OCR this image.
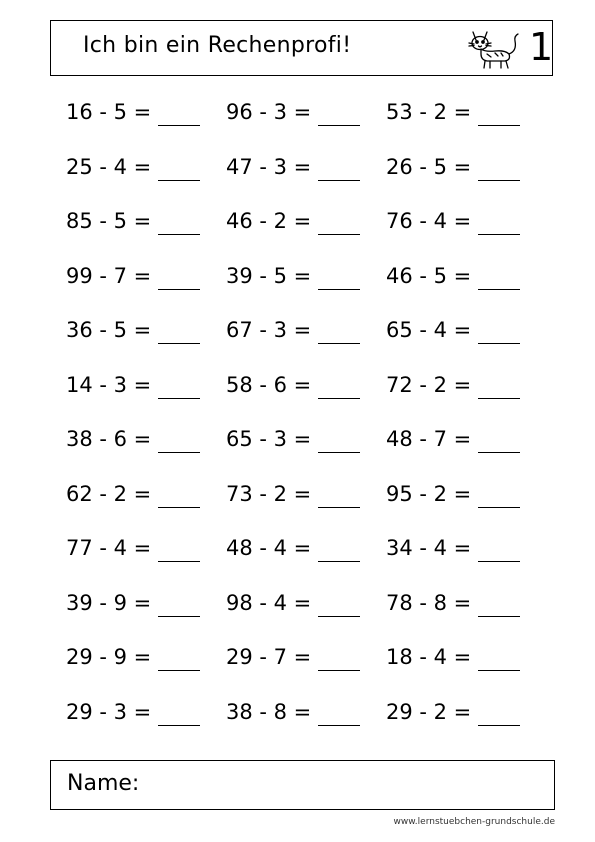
Ich bin ein Rechenprofi!	1
16 - 5 =	96 - 3 =	53 - 2 =
25 - 4 =	47 - 3 =	26 - 5 =
85 - 5 =	46 - 2 =	76 - 4 =
99 - 7 =	39 - 5 =	46 - 5 =
36 - 5 =	67 - 3 =	65 - 4 =
14 - 3 =	58 - 6 =	72 - 2 =
38 - 6 =	65 - 3 =	48 - 7 =
62 - 2 =	73 - 2 =	95 - 2 =
77 - 4 =	48 - 4 =	34 - 4 =
39 - 9 =	98 - 4 =	78 - 8 =
29 - 9 =	29 - 7 =	18 - 4 =
29 - 3 =	38 - 8 =	29 - 2 =
Name:
www.lernstuebchen-grundschule.de
